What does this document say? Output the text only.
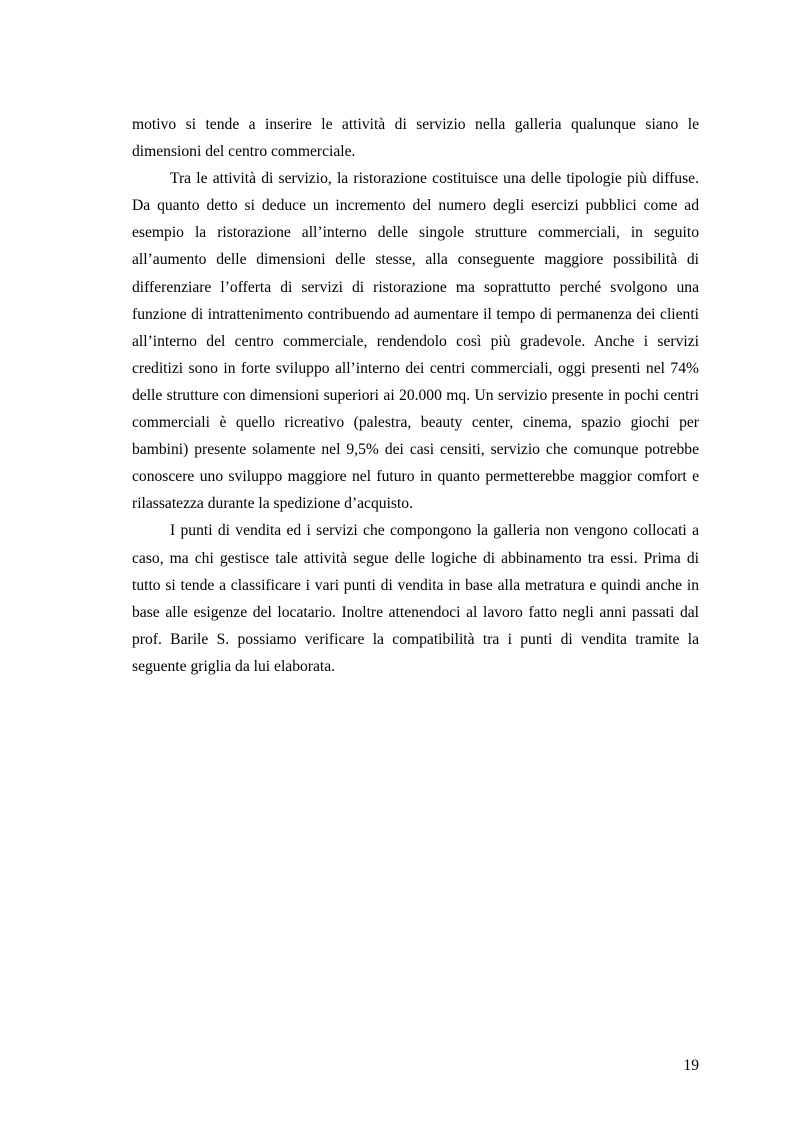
motivo si tende a inserire le attività di servizio nella galleria qualunque siano le dimensioni del centro commerciale.

Tra le attività di servizio, la ristorazione costituisce una delle tipologie più diffuse. Da quanto detto si deduce un incremento del numero degli esercizi pubblici come ad esempio la ristorazione all’interno delle singole strutture commerciali, in seguito all’aumento delle dimensioni delle stesse, alla conseguente maggiore possibilità di differenziare l’offerta di servizi di ristorazione ma soprattutto perché svolgono una funzione di intrattenimento contribuendo ad aumentare il tempo di permanenza dei clienti all’interno del centro commerciale, rendendolo così più gradevole. Anche i servizi creditizi sono in forte sviluppo all’interno dei centri commerciali, oggi presenti nel 74% delle strutture con dimensioni superiori ai 20.000 mq. Un servizio presente in pochi centri commerciali è quello ricreativo (palestra, beauty center, cinema, spazio giochi per bambini) presente solamente nel 9,5% dei casi censiti, servizio che comunque potrebbe conoscere uno sviluppo maggiore nel futuro in quanto permetterebbe maggior comfort e rilassatezza durante la spedizione d’acquisto.

I punti di vendita ed i servizi che compongono la galleria non vengono collocati a caso, ma chi gestisce tale attività segue delle logiche di abbinamento tra essi. Prima di tutto si tende a classificare i vari punti di vendita in base alla metratura e quindi anche in base alle esigenze del locatario. Inoltre attenendoci al lavoro fatto negli anni passati dal prof. Barile S. possiamo verificare la compatibilità tra i punti di vendita tramite la seguente griglia da lui elaborata.

19
